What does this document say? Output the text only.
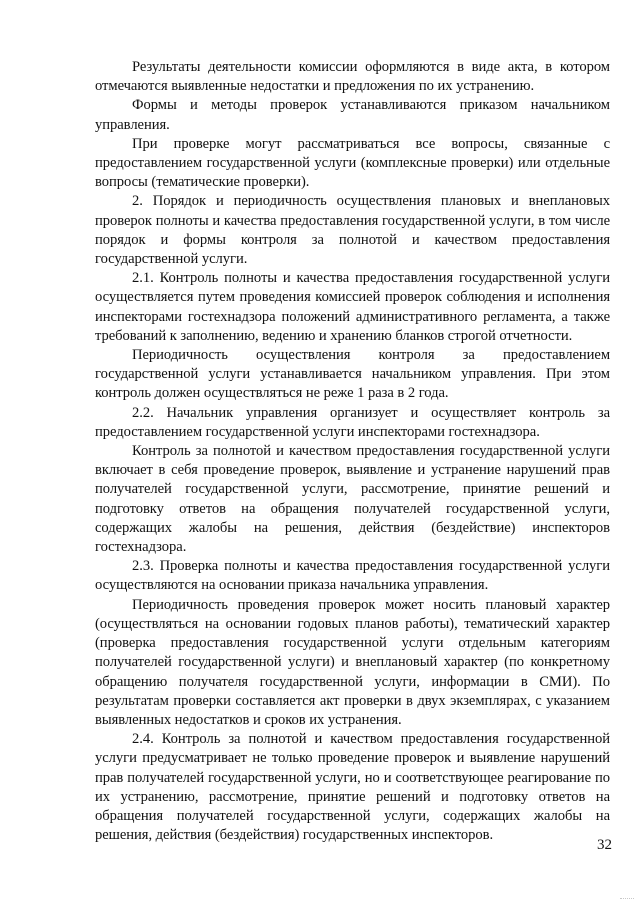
Результаты деятельности комиссии оформляются в виде акта, в котором отмечаются выявленные недостатки и предложения по их устранению.

Формы и методы проверок устанавливаются приказом начальником управления.

При проверке могут рассматриваться все вопросы, связанные с предоставлением государственной услуги (комплексные проверки) или отдельные вопросы (тематические проверки).

2. Порядок и периодичность осуществления плановых и внеплановых проверок полноты и качества предоставления государственной услуги, в том числе порядок и формы контроля за полнотой и качеством предоставления государственной услуги.

2.1. Контроль полноты и качества предоставления государственной услуги осуществляется путем проведения комиссией проверок соблюдения и исполнения инспекторами гостехнадзора положений административного регламента, а также требований к заполнению, ведению и хранению бланков строгой отчетности.

Периодичность осуществления контроля за предоставлением государственной услуги устанавливается начальником управления. При этом контроль должен осуществляться не реже 1 раза в 2 года.

2.2. Начальник управления организует и осуществляет контроль за предоставлением государственной услуги инспекторами гостехнадзора.

Контроль за полнотой и качеством предоставления государственной услуги включает в себя проведение проверок, выявление и устранение нарушений прав получателей государственной услуги, рассмотрение, принятие решений и подготовку ответов на обращения получателей государственной услуги, содержащих жалобы на решения, действия (бездействие) инспекторов гостехнадзора.

2.3. Проверка полноты и качества предоставления государственной услуги осуществляются на основании приказа начальника управления.

Периодичность проведения проверок может носить плановый характер (осуществляться на основании годовых планов работы), тематический характер (проверка предоставления государственной услуги отдельным категориям получателей государственной услуги) и внеплановый характер (по конкретному обращению получателя государственной услуги, информации в СМИ). По результатам проверки составляется акт проверки в двух экземплярах, с указанием выявленных недостатков и сроков их устранения.

2.4. Контроль за полнотой и качеством предоставления государственной услуги предусматривает не только проведение проверок и выявление нарушений прав получателей государственной услуги, но и соответствующее реагирование по их устранению, рассмотрение, принятие решений и подготовку ответов на обращения получателей государственной услуги, содержащих жалобы на решения, действия (бездействия) государственных инспекторов.

32
